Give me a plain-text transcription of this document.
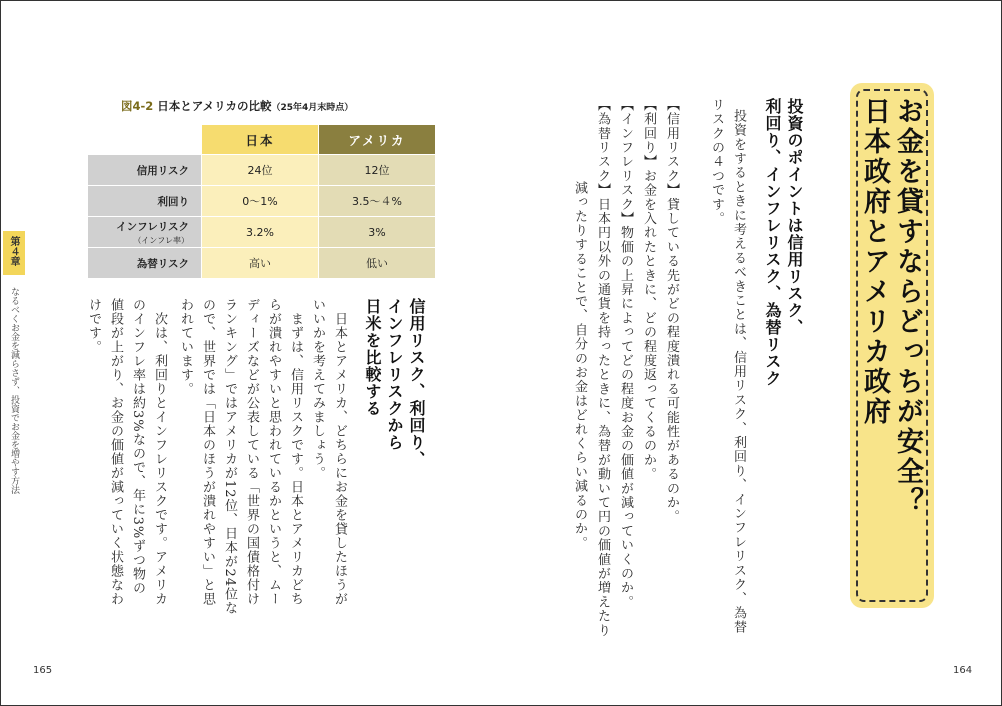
お金を貸すならどっちが安全？
日本政府とアメリカ政府
投資のポイントは信用リスク、
利回り、インフレリスク、為替リスク
投資をするときに考えるべきことは、信用リスク、利回り、インフレリスク、為替
リスクの４つです。
【信用リスク】貸している先がどの程度潰れる可能性があるのか。
【利回り】お金を入れたときに、どの程度返ってくるのか。
【インフレリスク】物価の上昇によってどの程度お金の価値が減っていくのか。
【為替リスク】日本円以外の通貨を持ったときに、為替が動いて円の価値が増えたり
減ったりすることで、自分のお金はどれくらい減るのか。
164
図4-2 日本とアメリカの比較（25年4月末時点）
	日本	アメリカ
信用リスク	24位	12位
利回り	0〜1%	3.5〜４%
インフレリスク
（インフレ率）	3.2%	3%
為替リスク	高い	低い
信用リスク、利回り、
インフレリスクから
日米を比較する
日本とアメリカ、どちらにお金を貸したほうが
いいかを考えてみましょう。
まずは、信用リスクです。日本とアメリカどち
らが潰れやすいと思われているかというと、ムー
ディーズなどが公表している「世界の国債格付け
ランキング」ではアメリカが12位、日本が24位な
ので、世界では「日本のほうが潰れやすい」と思
われています。
次は、利回りとインフレリスクです。アメリカ
のインフレ率は約3%なので、年に3%ずつ物の
値段が上がり、お金の価値が減っていく状態なわ
けです。
第４章
なるべくお金を減らさず、投資でお金を増やす方法
165
